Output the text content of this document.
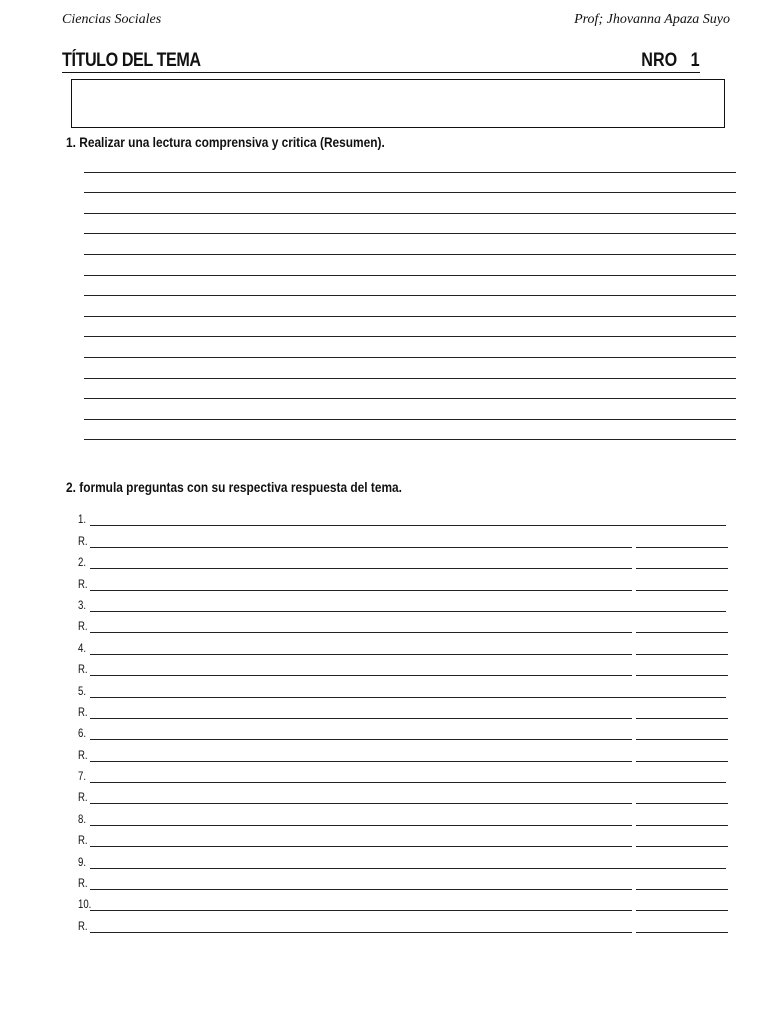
Ciencias Sociales	Prof; Jhovanna Apaza Suyo
TÍTULO DEL TEMA	NRO   1
1. Realizar una lectura comprensiva y critica (Resumen).
2. formula preguntas con su respectiva respuesta del tema.
1.
R.
2.
R.
3.
R.
4.
R.
5.
R.
6.
R.
7.
R.
8.
R.
9.
R.
10.
R.
